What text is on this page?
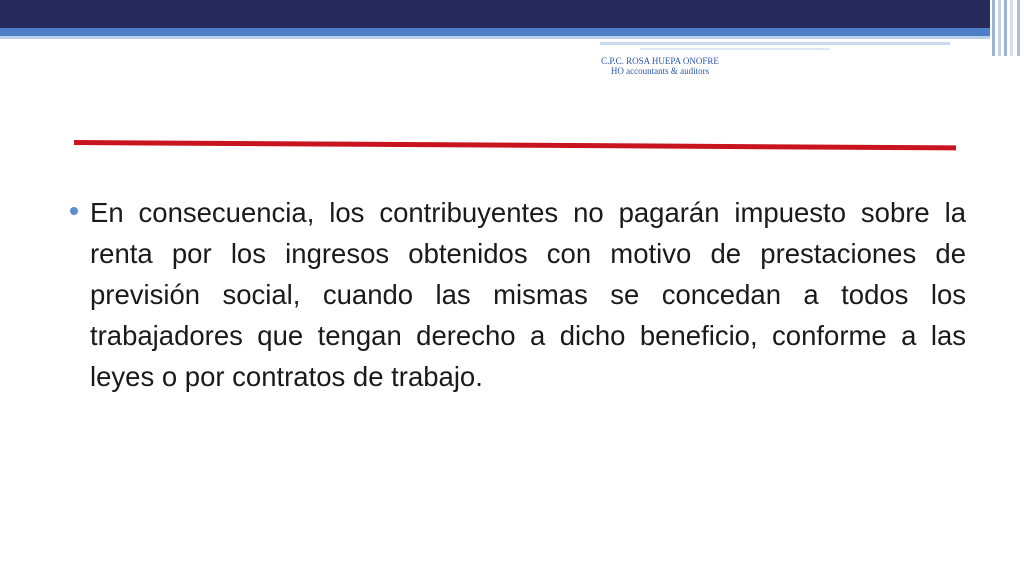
C.P.C. ROSA HUEPA ONOFRE
HO accountants & auditors
En consecuencia, los contribuyentes no pagarán impuesto sobre la renta por los ingresos obtenidos con motivo de prestaciones de previsión social, cuando las mismas se concedan a todos los trabajadores que tengan derecho a dicho beneficio, conforme a las leyes o por contratos de trabajo.
